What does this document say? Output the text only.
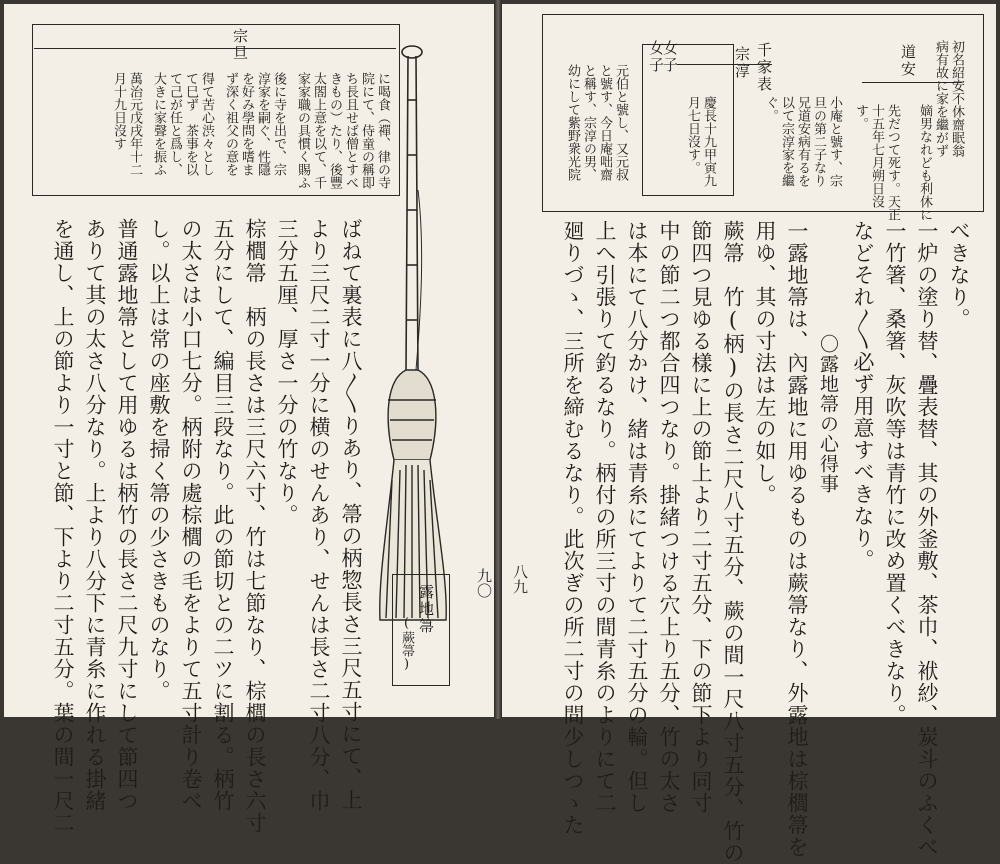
道安 初名紹安不休齋眠翁
病有故に家を繼がず
嫡男なれども利休に
先だつて死す。天正
十五年七月朔日沒
す。
小庵と號す、宗
旦の第二子なり
兄道安病有るを
以て宗淳家を繼
ぐ。
千家表
宗淳
慶長十九甲寅九
月七日沒す。
女子
女子
元伯と號し、又元叔
と號す、今日庵咄齋
と稱す、宗淳の男、
幼にして紫野衆光院
べきなり。
一炉の塗り替、疊表替、其の外釜敷、茶巾、袱紗、炭斗のふくべ
一竹箸、桑箸、灰吹等は青竹に改め置くべきなり。
などそれ〳〵必ず用意すべきなり。
〇露地箒の心得事
一露地箒は、內露地に用ゆるものは蕨箒なり、外露地は棕櫚箒を
用ゆ、其の寸法は左の如し。
蕨箒　竹(柄)の長さ二尺八寸五分、蕨の間一尺八寸五分、竹の
節四つ見ゆる樣に上の節上より二寸五分、下の節下より同寸
中の節二つ都合四つなり。掛緒つける穴上り五分、竹の太さ
は本にて八分かけ、緒は青糸にてよりて二寸五分の輪。但し
上へ引張りて釣るなり。柄付の所三寸の間青糸のよりにて二
廻りづゝ、三所を締むるなり。此次ぎの所二寸の間少しつゝた
八九
宗旦
に喝食（禪、律の寺
院にて、侍童の稱即
ち長且せば僧とすべ
きもの）たり、後豐
太閤上意を以て、千
家家職の具慣く賜ふ
後に寺を出で、宗
淳家を嗣ぐ、性隱
を好み學問を嗜ま
ず深く祖父の意を
得て苦心渋々とし
て巳ず　茶事を以
て己が任と爲し、
大きに家聲を振ふ
萬治元戊戌年十二
月十九日沒す
ばねて裏表に八〳〵りあり、箒の柄惣長さ三尺五寸にて、上
より三尺二寸一分に横のせんあり、せんは長さ二寸八分、巾
三分五厘、厚さ一分の竹なり。
棕櫚箒　柄の長さは三尺六寸、竹は七節なり、棕櫚の長さ六寸
五分にして、編目三段なり。此の節切との二ツに割る。柄竹
の太さは小口七分。柄附の處棕櫚の毛をよりて五寸計り卷べ
し。以上は常の座敷を掃く箒の少さきものなり。
普通露地箒として用ゆるは柄竹の長さ二尺九寸にして節四つ
ありて其の太さ八分なり。上より八分下に青糸に作れる掛緒
を通し、上の節より一寸と節、下より二寸五分。葉の間一尺二	露地箒
(蕨箒)
九〇
